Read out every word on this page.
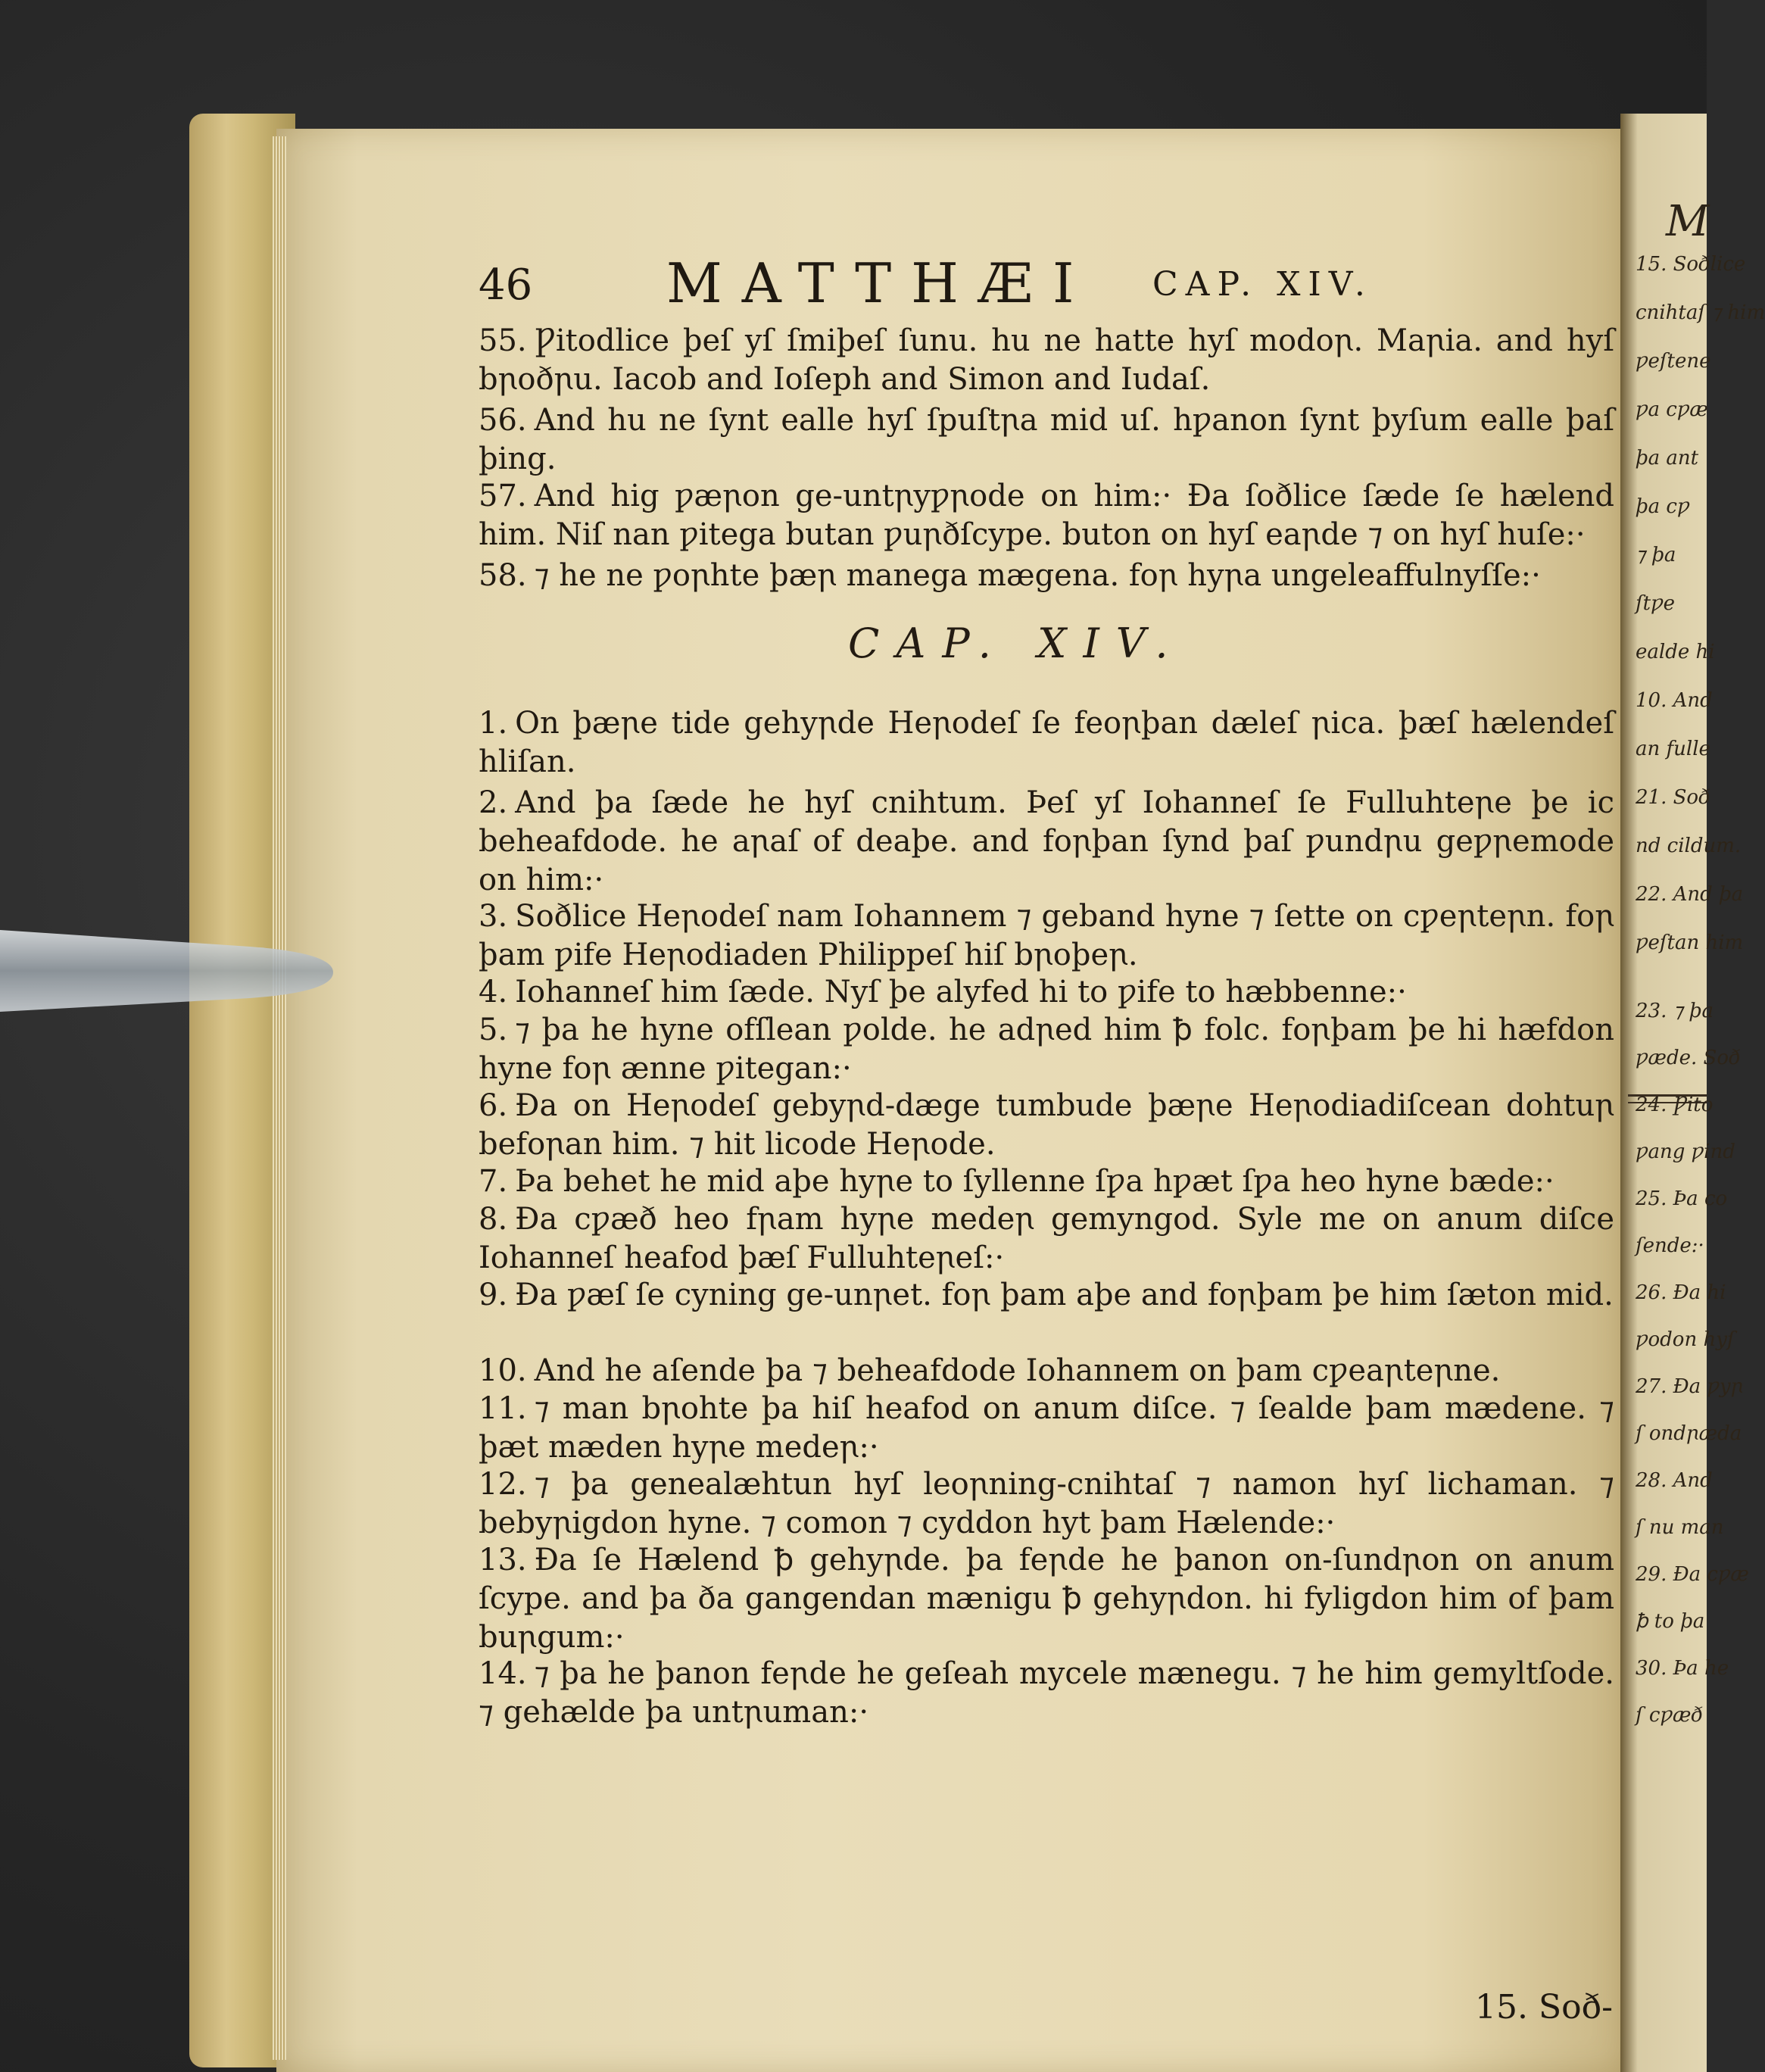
M
15. Soðlice
cnihtaſ ⁊ him
ƿeſtene
ƿa cƿæ
þa ant
þa cƿ
⁊ þa
ſtƿe
ealde hi
10. And
an fulle
21. Soð
nd cildum.
22. And þa
ƿeſtan him
23. ⁊ þa
ƿæde. Soð
24. Ƿito
ƿang ƿind
25. Þa co
ſende:·
26. Ða hi
ƿodon hyſ
27. Ða ƿyꞃ
ſ ondꞃæda
28. And
ſ nu man
29. Ða cƿæ
ꝥ to þa
30. Þa he
ſ cƿæð
46 MATTHÆI CAP. XIV.
55. Ƿitodlice þeſ yſ ſmiþeſ ſunu. hu ne hatte hyſ modoꞃ. Maꞃia. and hyſ bꞃoðꞃu. Iacob and Ioſeph and Simon and Iudaſ.
56. And hu ne ſynt ealle hyſ ſpuſtꞃa mid uſ. hƿanon ſynt þyſum ealle þaſ þing.
57. And hig ƿæꞃon ge-untꞃyƿꞃode on him:· Ða ſoðlice ſæde ſe hælend him. Niſ nan ƿitega butan ƿuꞃðſcype. buton on hyſ eaꞃde ⁊ on hyſ huſe:·
58. ⁊ he ne ƿoꞃhte þæꞃ manega mægena. foꞃ hyꞃa ungeleaffulnyſſe:·
CAP. XIV.
1. On þæꞃe tide gehyꞃde Heꞃodeſ ſe feoꞃþan dæleſ ꞃica. þæſ hælendeſ hliſan.
2. And þa ſæde he hyſ cnihtum. Þeſ yſ Iohanneſ ſe Fulluhteꞃe þe ic beheafdode. he aꞃaſ of deaþe. and foꞃþan ſynd þaſ ƿundꞃu geƿꞃemode on him:·
3. Soðlice Heꞃodeſ nam Iohannem ⁊ geband hyne ⁊ ſette on cƿeꞃteꞃn. foꞃ þam ƿife Heꞃodiaden Philippeſ hiſ bꞃoþeꞃ.
4. Iohanneſ him ſæde. Nyſ þe alyfed hi to ƿife to hæbbenne:·
5. ⁊ þa he hyne ofſlean ƿolde. he adꞃed him ꝥ folc. foꞃþam þe hi hæfdon hyne foꞃ ænne ƿitegan:·
6. Ða on Heꞃodeſ gebyꞃd-dæge tumbude þæꞃe Heꞃodiadiſcean dohtuꞃ befoꞃan him. ⁊ hit licode Heꞃode.
7. Þa behet he mid aþe hyꞃe to ſyllenne ſƿa hƿæt ſƿa heo hyne bæde:·
8. Ða cƿæð heo fꞃam hyꞃe medeꞃ gemyngod. Syle me on anum diſce Iohanneſ heafod þæſ Fulluhteꞃeſ:·
9. Ða ƿæſ ſe cyning ge-unꞃet. foꞃ þam aþe and foꞃþam þe him ſæton mid.
10. And he aſende þa ⁊ beheafdode Iohannem on þam cƿeaꞃteꞃne.
11. ⁊ man bꞃohte þa hiſ heafod on anum diſce. ⁊ ſealde þam mædene. ⁊ þæt mæden hyꞃe medeꞃ:·
12. ⁊ þa genealæhtun hyſ leoꞃning-cnihtaſ ⁊ namon hyſ lichaman. ⁊ bebyꞃigdon hyne. ⁊ comon ⁊ cyddon hyt þam Hælende:·
13. Ða ſe Hælend ꝥ gehyꞃde. þa feꞃde he þanon on-ſundꞃon on anum ſcype. and þa ða gangendan mænigu ꝥ gehyꞃdon. hi fyligdon him of þam buꞃgum:·
14. ⁊ þa he þanon feꞃde he geſeah mycele mænegu. ⁊ he him gemyltſode. ⁊ gehælde þa untꞃuman:·
15. Soð-
